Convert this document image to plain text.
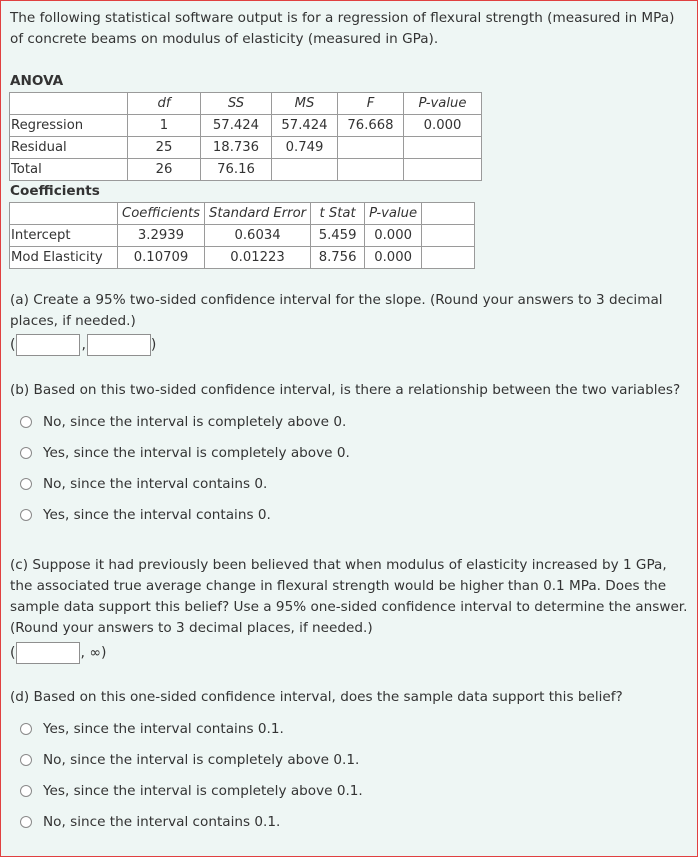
The following statistical software output is for a regression of flexural strength (measured in MPa) of concrete beams on modulus of elasticity (measured in GPa).

ANOVA
	df	SS	MS	F	P-value
Regression	1	57.424	57.424	76.668	0.000
Residual	25	18.736	0.749		
Total	26	76.16			
Coefficients
	Coefficients	Standard Error	t Stat	P-value	
Intercept	3.2939	0.6034	5.459	0.000	
Mod Elasticity	0.10709	0.01223	8.756	0.000	

(a) Create a 95% two-sided confidence interval for the slope. (Round your answers to 3 decimal places, if needed.)

(	,	)

(b) Based on this two-sided confidence interval, is there a relationship between the two variables?

No, since the interval is completely above 0.
Yes, since the interval is completely above 0.
No, since the interval contains 0.
Yes, since the interval contains 0.

(c) Suppose it had previously been believed that when modulus of elasticity increased by 1 GPa, the associated true average change in flexural strength would be higher than 0.1 MPa. Does the sample data support this belief? Use a 95% one-sided confidence interval to determine the answer. (Round your answers to 3 decimal places, if needed.)

(	, ∞)

(d) Based on this one-sided confidence interval, does the sample data support this belief?

Yes, since the interval contains 0.1.
No, since the interval is completely above 0.1.
Yes, since the interval is completely above 0.1.
No, since the interval contains 0.1.
